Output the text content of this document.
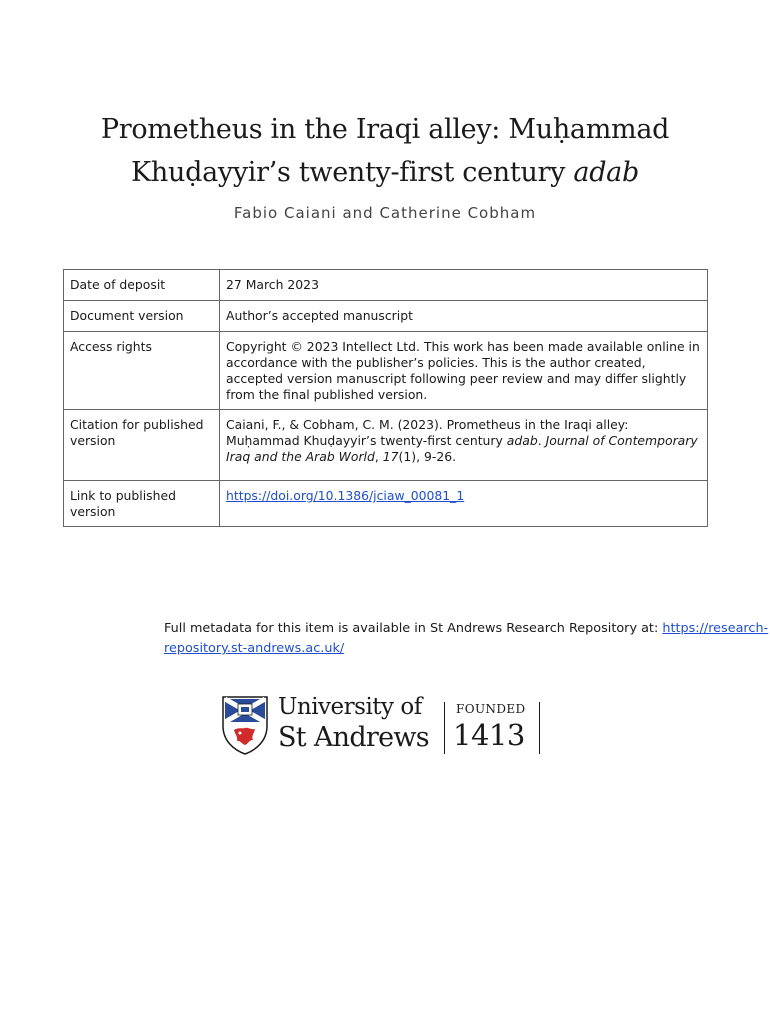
Prometheus in the Iraqi alley: Muḥammad
Khuḍayyir’s twenty-first century adab
Fabio Caiani and Catherine Cobham
Date of deposit	27 March 2023
Document version	Author’s accepted manuscript
Access rights	Copyright © 2023 Intellect Ltd. This work has been made available online in accordance with the publisher’s policies. This is the author created, accepted version manuscript following peer review and may differ slightly from the final published version.
Citation for published version	Caiani, F., & Cobham, C. M. (2023). Prometheus in the Iraqi alley: Muḥammad Khuḍayyir’s twenty-first century adab. Journal of Contemporary Iraq and the Arab World, 17(1), 9-26.
Link to published version	https://doi.org/10.1386/jciaw_00081_1
Full metadata for this item is available in St Andrews Research Repository at: https://research-repository.st-andrews.ac.uk/
University of
St Andrews
FOUNDED
1413
